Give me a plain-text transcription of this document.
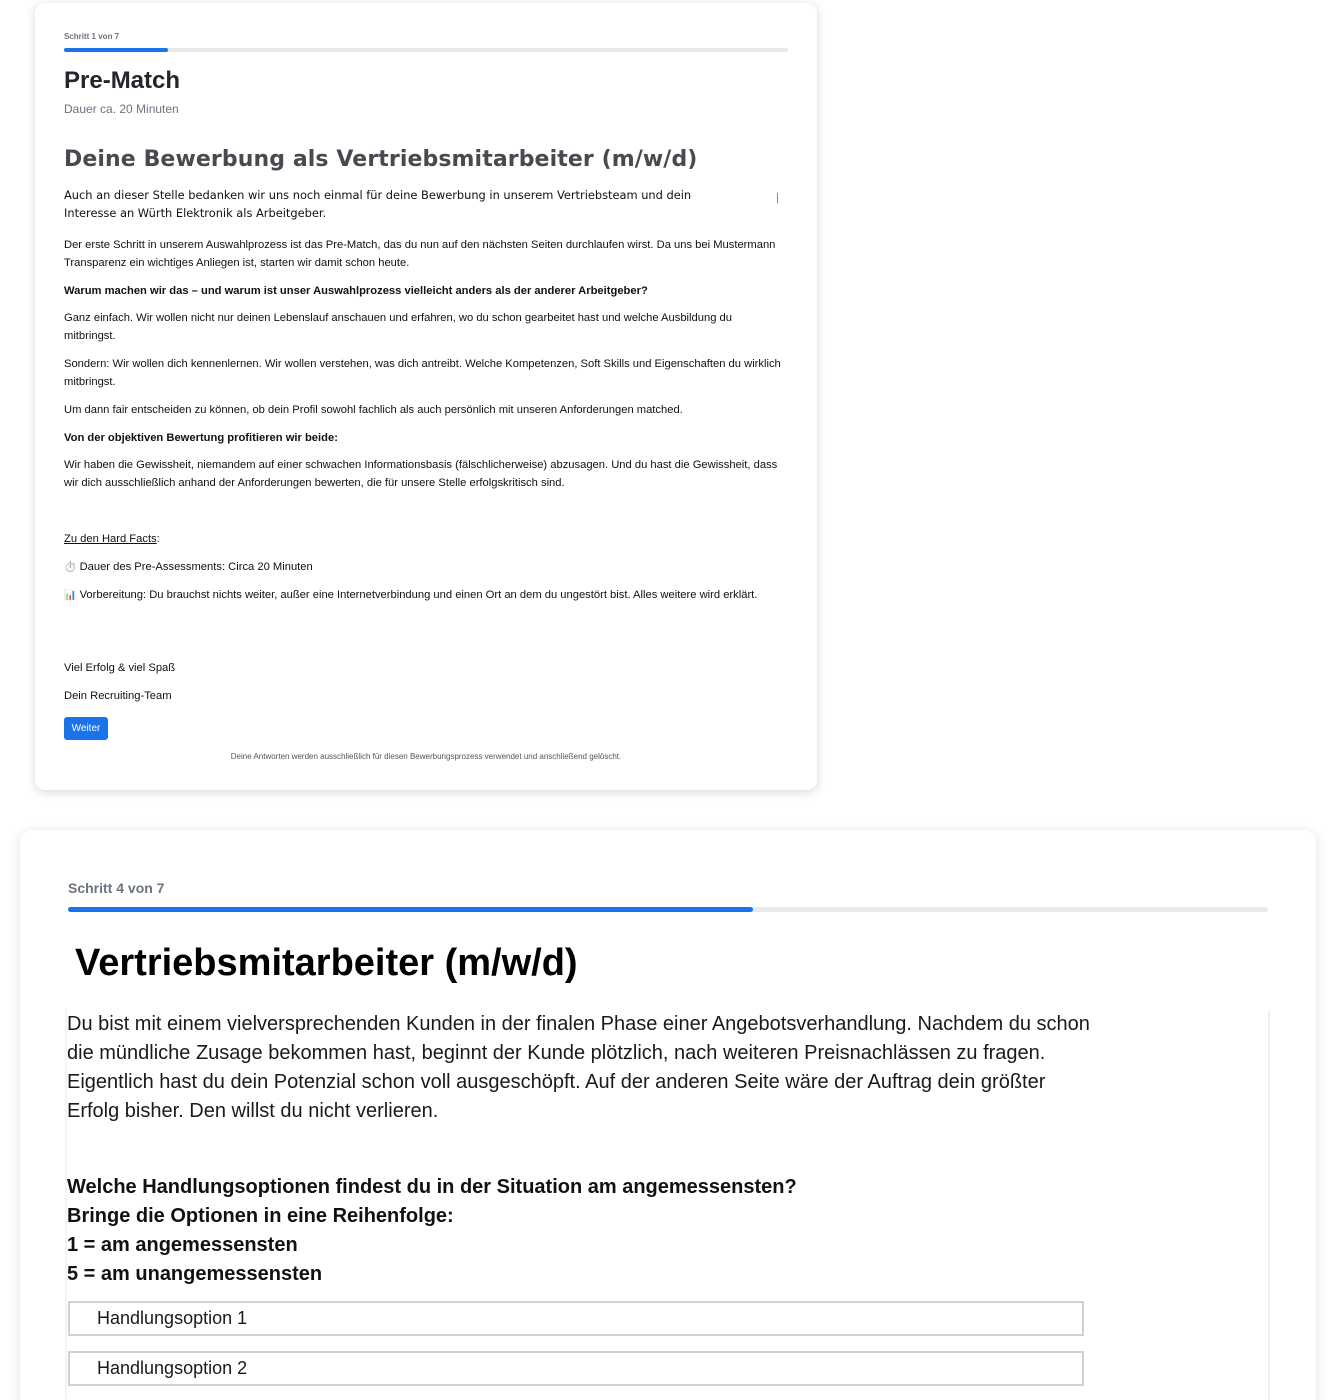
Schritt 1 von 7
Pre-Match
Dauer ca. 20 Minuten
Deine Bewerbung als Vertriebsmitarbeiter (m/w/d)

Auch an dieser Stelle bedanken wir uns noch einmal für deine Bewerbung in unserem Vertriebsteam und dein Interesse an Würth Elektronik als Arbeitgeber.

Der erste Schritt in unserem Auswahlprozess ist das Pre-Match, das du nun auf den nächsten Seiten durchlaufen wirst. Da uns bei Mustermann Transparenz ein wichtiges Anliegen ist, starten wir damit schon heute.

Warum machen wir das – und warum ist unser Auswahlprozess vielleicht anders als der anderer Arbeitgeber?

Ganz einfach. Wir wollen nicht nur deinen Lebenslauf anschauen und erfahren, wo du schon gearbeitet hast und welche Ausbildung du mitbringst.

Sondern: Wir wollen dich kennenlernen. Wir wollen verstehen, was dich antreibt. Welche Kompetenzen, Soft Skills und Eigenschaften du wirklich mitbringst.

Um dann fair entscheiden zu können, ob dein Profil sowohl fachlich als auch persönlich mit unseren Anforderungen matched.

Von der objektiven Bewertung profitieren wir beide:

Wir haben die Gewissheit, niemandem auf einer schwachen Informationsbasis (fälschlicherweise) abzusagen. Und du hast die Gewissheit, dass wir dich ausschließlich anhand der Anforderungen bewerten, die für unsere Stelle erfolgskritisch sind.

Zu den Hard Facts:

⏱️ Dauer des Pre-Assessments: Circa 20 Minuten

📊 Vorbereitung: Du brauchst nichts weiter, außer eine Internetverbindung und einen Ort an dem du ungestört bist. Alles weitere wird erklärt.

Viel Erfolg & viel Spaß

Dein Recruiting-Team

Weiter
Deine Antworten werden ausschließlich für diesen Bewerbungsprozess verwendet und anschließend gelöscht.
Schritt 4 von 7
Vertriebsmitarbeiter (m/w/d)
Du bist mit einem vielversprechenden Kunden in der finalen Phase einer Angebotsverhandlung. Nachdem du schon die mündliche Zusage bekommen hast, beginnt der Kunde plötzlich, nach weiteren Preisnachlässen zu fragen.
Eigentlich hast du dein Potenzial schon voll ausgeschöpft. Auf der anderen Seite wäre der Auftrag dein größter Erfolg bisher. Den willst du nicht verlieren.
Welche Handlungsoptionen findest du in der Situation am angemessensten?
Bringe die Optionen in eine Reihenfolge:
1 = am angemessensten
5 = am unangemessensten
Handlungsoption 1
Handlungsoption 2
